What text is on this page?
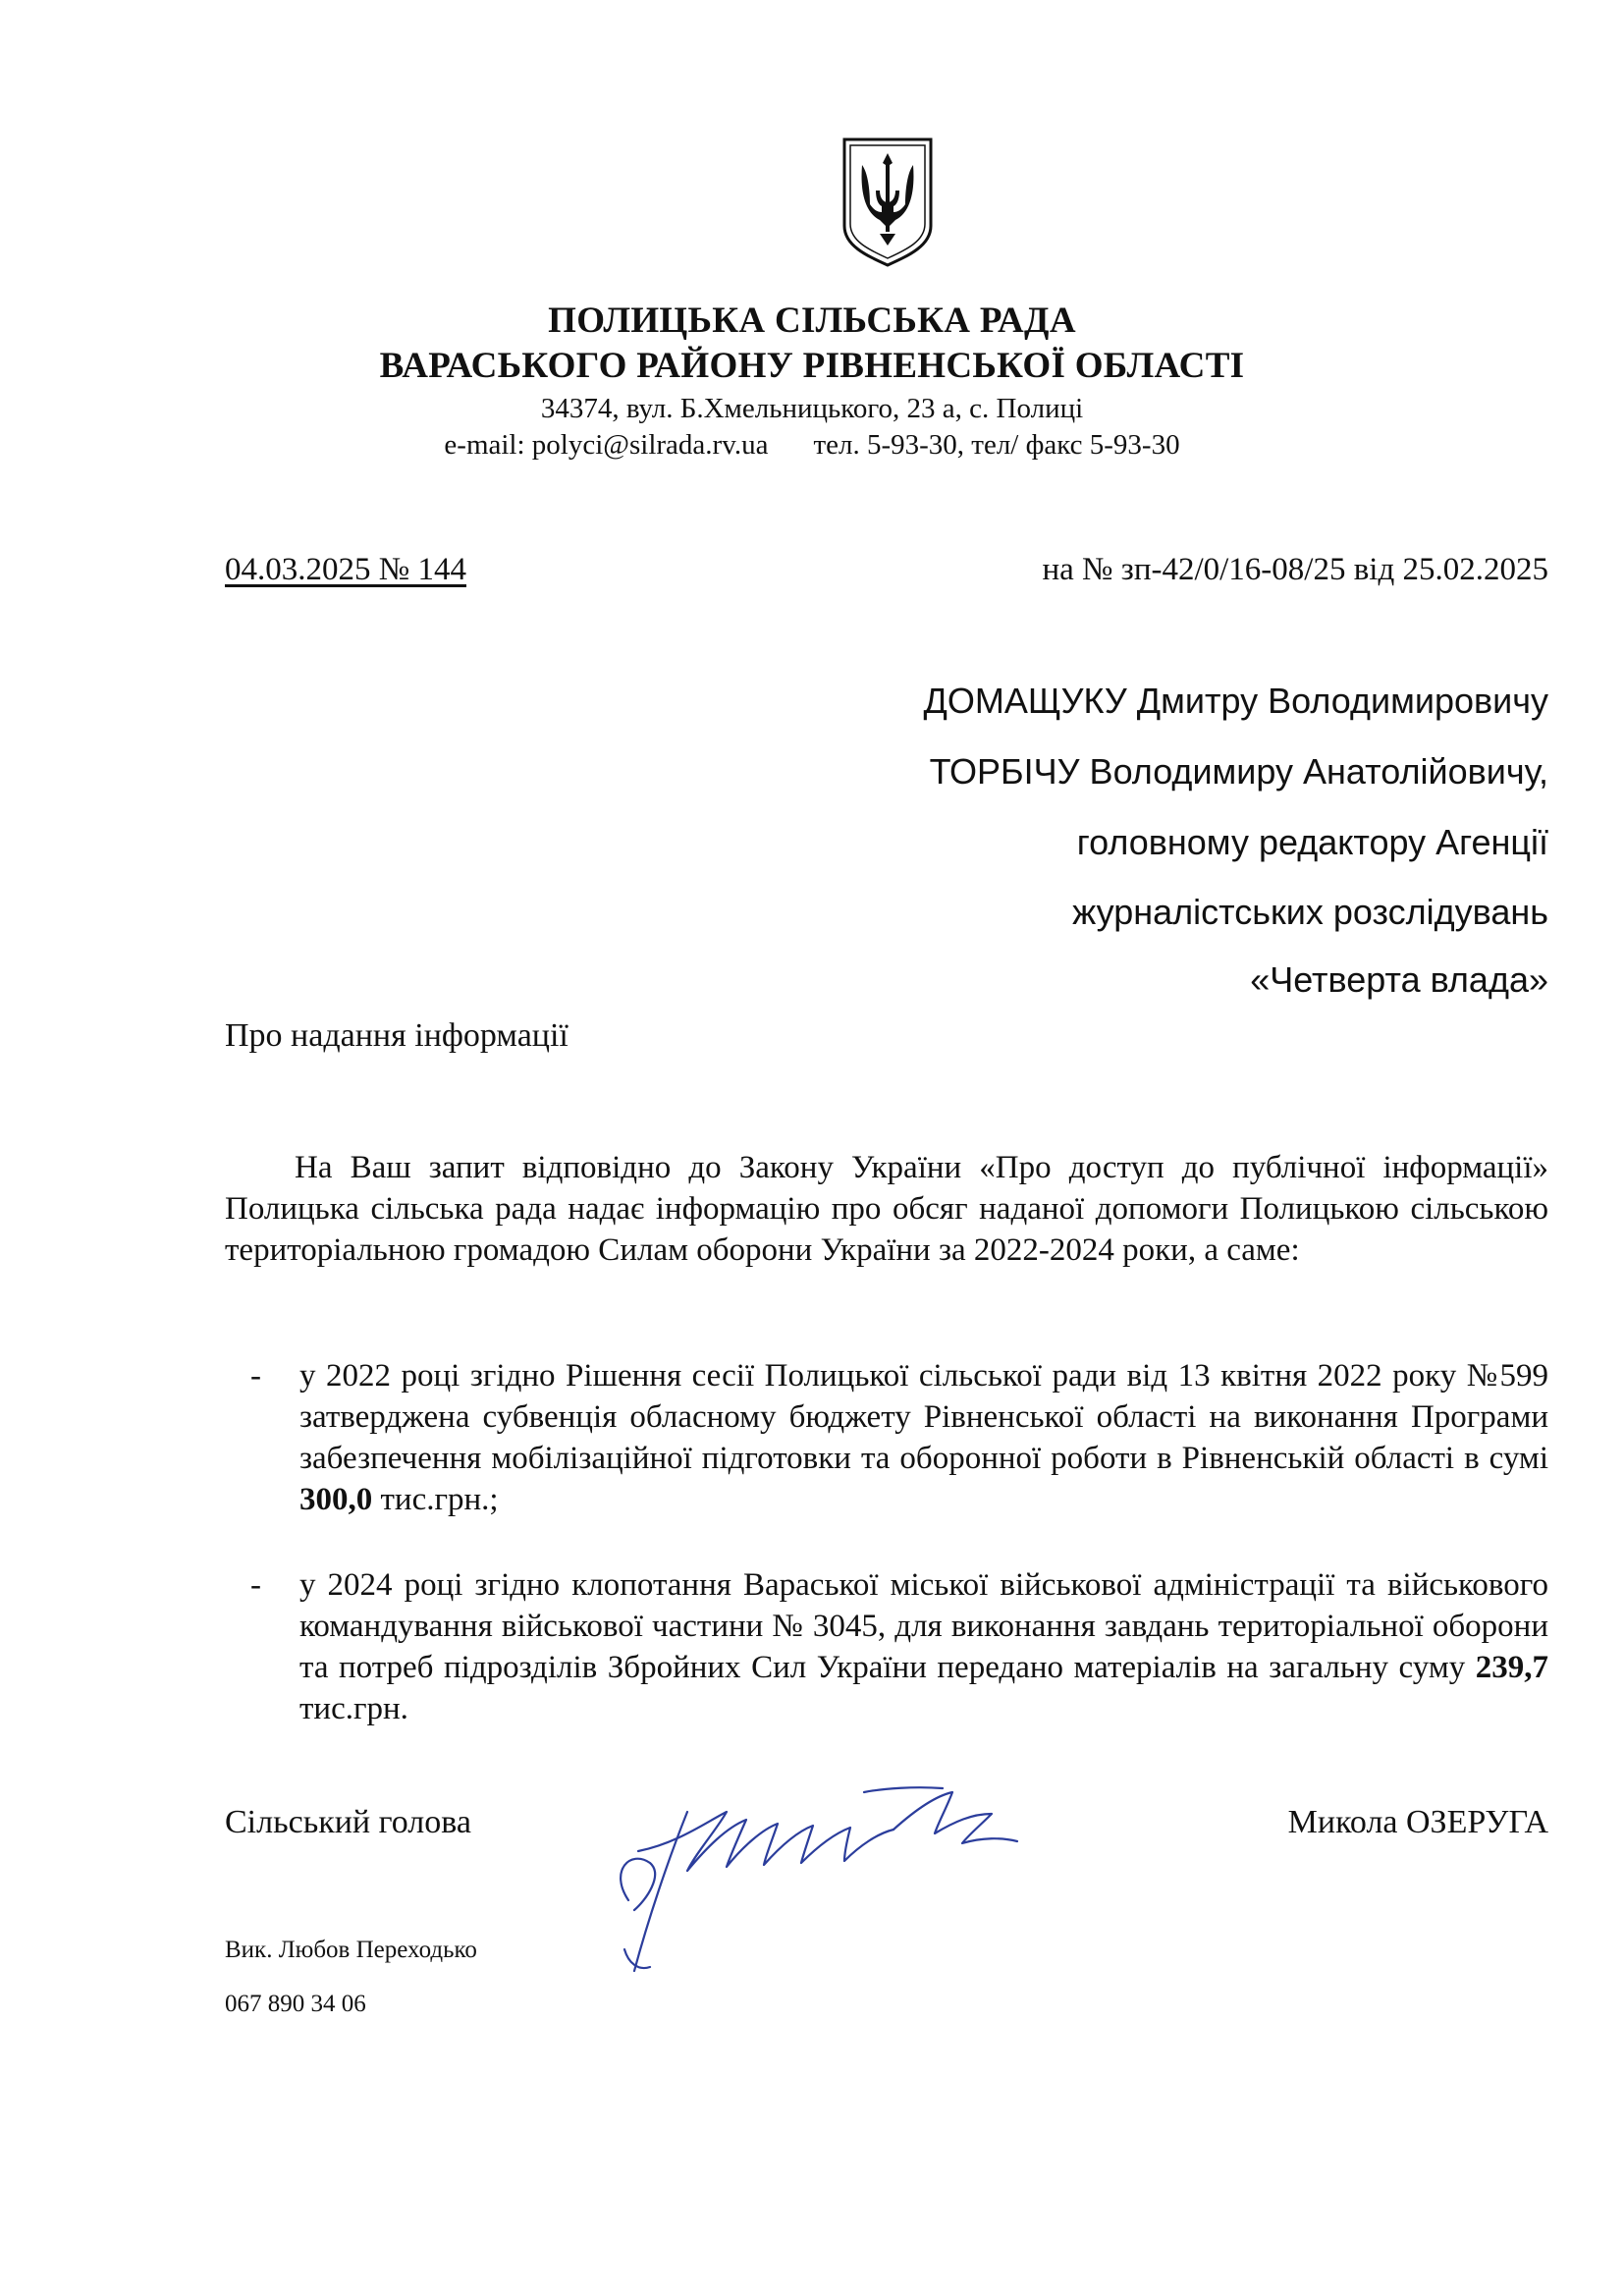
ПОЛИЦЬКА СІЛЬСЬКА РАДА
ВАРАСЬКОГО РАЙОНУ РІВНЕНСЬКОЇ ОБЛАСТІ
34374, вул. Б.Хмельницького, 23 а, с. Полиці
e-mail: polyci@silrada.rv.ua тел. 5-93-30, тел/ факс 5-93-30
04.03.2025 № 144	на № зп-42/0/16-08/25 від 25.02.2025
ДОМАЩУКУ Дмитру Володимировичу
ТОРБІЧУ Володимиру Анатолійовичу,
головному редактору Агенції
журналістських розслідувань
«Четверта влада»
Про надання інформації
На Ваш запит відповідно до Закону України «Про доступ до публічної інформації» Полицька сільська рада надає інформацію про обсяг наданої допомоги Полицькою сільською територіальною громадою Силам оборони України за 2022-2024 роки, а саме:
- у 2022 році згідно Рішення сесії Полицької сільської ради від 13 квітня 2022 року №599 затверджена субвенція обласному бюджету Рівненської області на виконання Програми забезпечення мобілізаційної підготовки та оборонної роботи в Рівненській області в сумі 300,0 тис.грн.;
- у 2024 році згідно клопотання Вараської міської військової адміністрації та військового командування військової частини № 3045, для виконання завдань територіальної оборони та потреб підрозділів Збройних Сил України передано матеріалів на загальну суму 239,7 тис.грн.
Сільський голова	Микола ОЗЕРУГА
Вик. Любов Переходько
067 890 34 06
